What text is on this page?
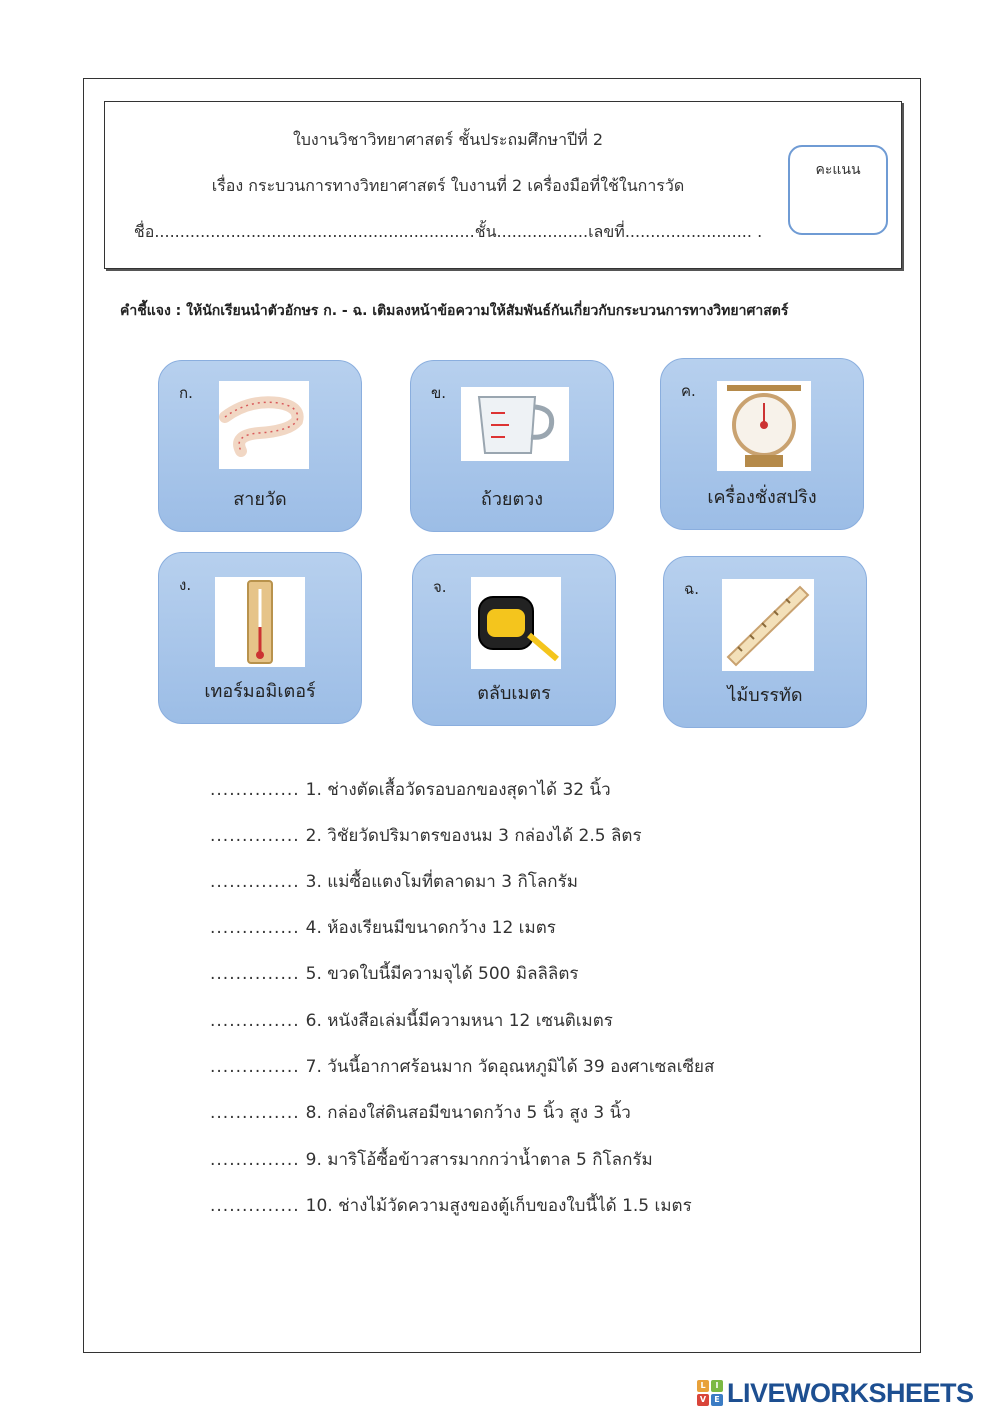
ใบงานวิชาวิทยาศาสตร์ ชั้นประถมศึกษาปีที่ 2
เรื่อง กระบวนการทางวิทยาศาสตร์ ใบงานที่ 2 เครื่องมือที่ใช้ในการวัด
ชื่อ...............................................................ชั้น..................เลขที่......................... .
คะแนน
คำชี้แจง : ให้นักเรียนนำตัวอักษร ก. - ฉ. เติมลงหน้าข้อความให้สัมพันธ์กันเกี่ยวกับกระบวนการทางวิทยาศาสตร์
ก.
สายวัด
ข.
ถ้วยตวง
ค.
เครื่องชั่งสปริง
ง.
เทอร์มอมิเตอร์
จ.
ตลับเมตร
ฉ.
ไม้บรรทัด
.............. 1. ช่างตัดเสื้อวัดรอบอกของสุดาได้ 32 นิ้ว
.............. 2. วิชัยวัดปริมาตรของนม 3 กล่องได้ 2.5 ลิตร
.............. 3. แม่ซื้อแตงโมที่ตลาดมา 3 กิโลกรัม
.............. 4. ห้องเรียนมีขนาดกว้าง 12 เมตร
.............. 5. ขวดใบนี้มีความจุได้ 500 มิลลิลิตร
.............. 6. หนังสือเล่มนี้มีความหนา 12 เซนติเมตร
.............. 7. วันนี้อากาศร้อนมาก วัดอุณหภูมิได้ 39 องศาเซลเซียส
.............. 8. กล่องใส่ดินสอมีขนาดกว้าง 5 นิ้ว สูง 3 นิ้ว
.............. 9. มาริโอ้ซื้อข้าวสารมากกว่าน้ำตาล 5 กิโลกรัม
.............. 10. ช่างไม้วัดความสูงของตู้เก็บของใบนี้ได้ 1.5 เมตร
L	I
V	E LIVEWORKSHEETS
